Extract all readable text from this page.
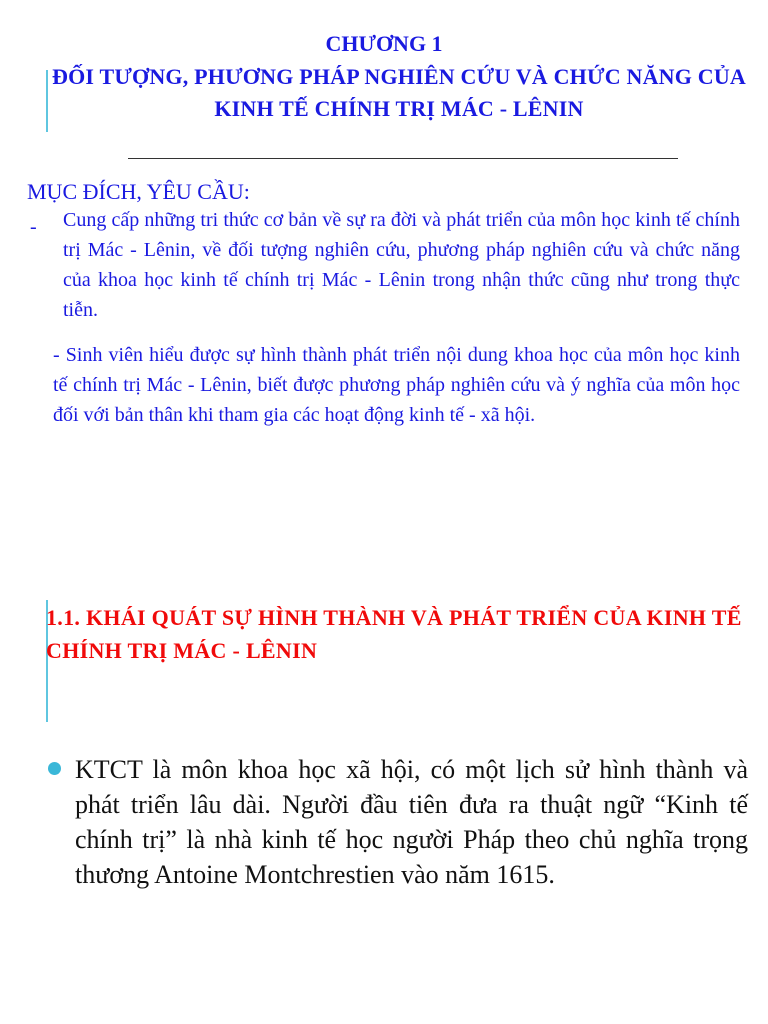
CHƯƠNG 1
ĐỐI TƯỢNG, PHƯƠNG PHÁP NGHIÊN CỨU VÀ CHỨC NĂNG CỦA KINH TẾ CHÍNH TRỊ MÁC - LÊNIN
MỤC ĐÍCH, YÊU CẦU:
- Cung cấp những tri thức cơ bản về sự ra đời và phát triển của môn học kinh tế chính trị Mác - Lênin, về đối tượng nghiên cứu, phương pháp nghiên cứu và chức năng của khoa học kinh tế chính trị Mác - Lênin trong nhận thức cũng như trong thực tiễn.
- Sinh viên hiểu được sự hình thành phát triển nội dung khoa học của môn học kinh tế chính trị Mác - Lênin, biết được phương pháp nghiên cứu và ý nghĩa của môn học đối với bản thân khi tham gia các hoạt động kinh tế - xã hội.
1.1. KHÁI QUÁT SỰ HÌNH THÀNH VÀ PHÁT TRIỂN CỦA KINH TẾ CHÍNH TRỊ MÁC - LÊNIN
KTCT là môn khoa học xã hội, có một lịch sử hình thành và phát triển lâu dài. Người đầu tiên đưa ra thuật ngữ “Kinh tế chính trị” là nhà kinh tế học người Pháp theo chủ nghĩa trọng thương Antoine Montchrestien vào năm 1615.
